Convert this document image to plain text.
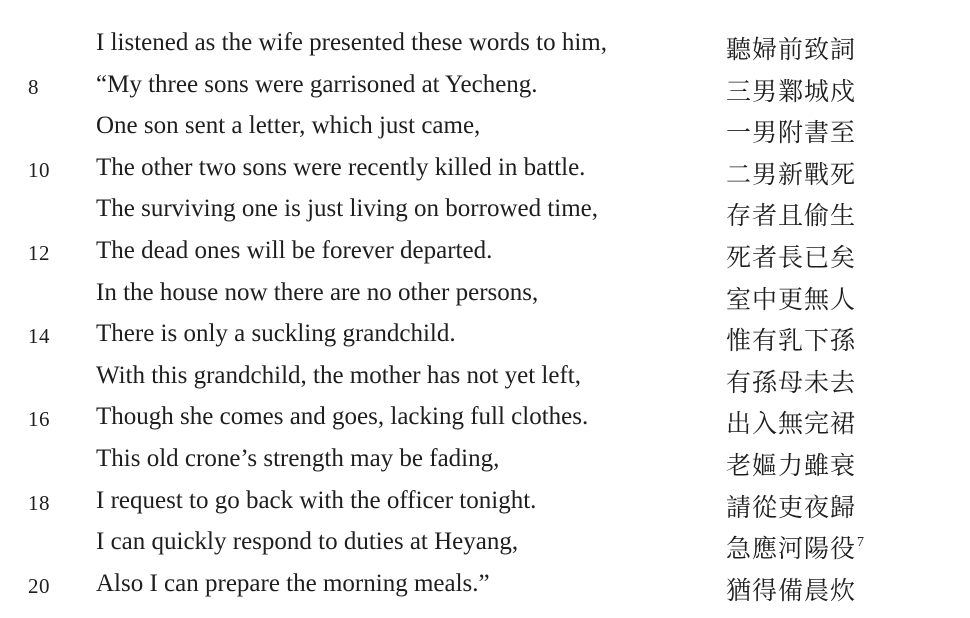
I listened as the wife presented these words to him,	聽婦前致詞
8 “My three sons were garrisoned at Yecheng.	三男鄴城戍
One son sent a letter, which just came,	一男附書至
10 The other two sons were recently killed in battle.	二男新戰死
The surviving one is just living on borrowed time,	存者且偷生
12 The dead ones will be forever departed.	死者長已矣
In the house now there are no other persons,	室中更無人
14 There is only a suckling grandchild.	惟有乳下孫
With this grandchild, the mother has not yet left,	有孫母未去
16 Though she comes and goes, lacking full clothes.	出入無完裙
This old crone’s strength may be fading,	老嫗力雖衰
18 I request to go back with the officer tonight.	請從吏夜歸
I can quickly respond to duties at Heyang,	急應河陽役$^7$
20 Also I can prepare the morning meals.”	猶得備晨炊
